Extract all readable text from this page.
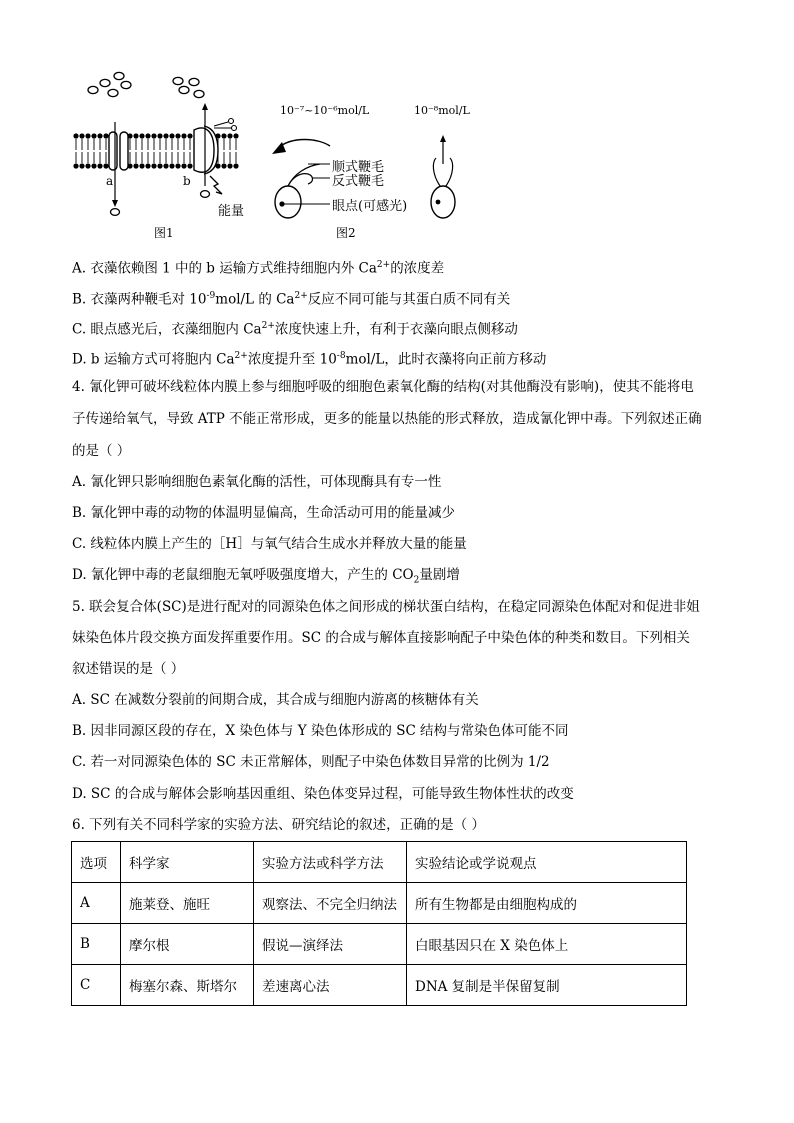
a	b
能量
图1
10⁻⁷~10⁻⁶mol/L	10⁻⁸mol/L
顺式鞭毛
反式鞭毛
眼点(可感光)
图2
A. 衣藻依赖图 1 中的 b 运输方式维持细胞内外 $Ca^{2+}$的浓度差
B. 衣藻两种鞭毛对 $10^{-9}mol/L$ 的 $Ca^{2+}$反应不同可能与其蛋白质不同有关
C. 眼点感光后，衣藻细胞内 $Ca^{2+}$浓度快速上升，有利于衣藻向眼点侧移动
D. b 运输方式可将胞内 $Ca^{2+}$浓度提升至 $10^{-8}mol/L$，此时衣藻将向正前方移动
4. 氰化钾可破坏线粒体内膜上参与细胞呼吸的细胞色素氧化酶的结构(对其他酶没有影响)，使其不能将电
子传递给氧气，导致 ATP 不能正常形成，更多的能量以热能的形式释放，造成氰化钾中毒。下列叙述正确
的是（ ）
A. 氰化钾只影响细胞色素氧化酶的活性，可体现酶具有专一性
B. 氰化钾中毒的动物的体温明显偏高，生命活动可用的能量减少
C. 线粒体内膜上产生的［H］与氧气结合生成水并释放大量的能量
D. 氰化钾中毒的老鼠细胞无氧呼吸强度增大，产生的 $CO_2$量剧增
5. 联会复合体(SC)是进行配对的同源染色体之间形成的梯状蛋白结构，在稳定同源染色体配对和促进非姐
妹染色体片段交换方面发挥重要作用。SC 的合成与解体直接影响配子中染色体的种类和数目。下列相关
叙述错误的是（ ）
A. SC 在减数分裂前的间期合成，其合成与细胞内游离的核糖体有关
B. 因非同源区段的存在，X 染色体与 Y 染色体形成的 SC 结构与常染色体可能不同
C. 若一对同源染色体的 SC 未正常解体，则配子中染色体数目异常的比例为 1/2
D. SC 的合成与解体会影响基因重组、染色体变异过程，可能导致生物体性状的改变
6. 下列有关不同科学家的实验方法、研究结论的叙述，正确的是（ ）
选项	科学家	实验方法或科学方法	实验结论或学说观点
A	施莱登、施旺	观察法、不完全归纳法	所有生物都是由细胞构成的
B	摩尔根	假说—演绎法	白眼基因只在 X 染色体上
C	梅塞尔森、斯塔尔	差速离心法	DNA 复制是半保留复制
